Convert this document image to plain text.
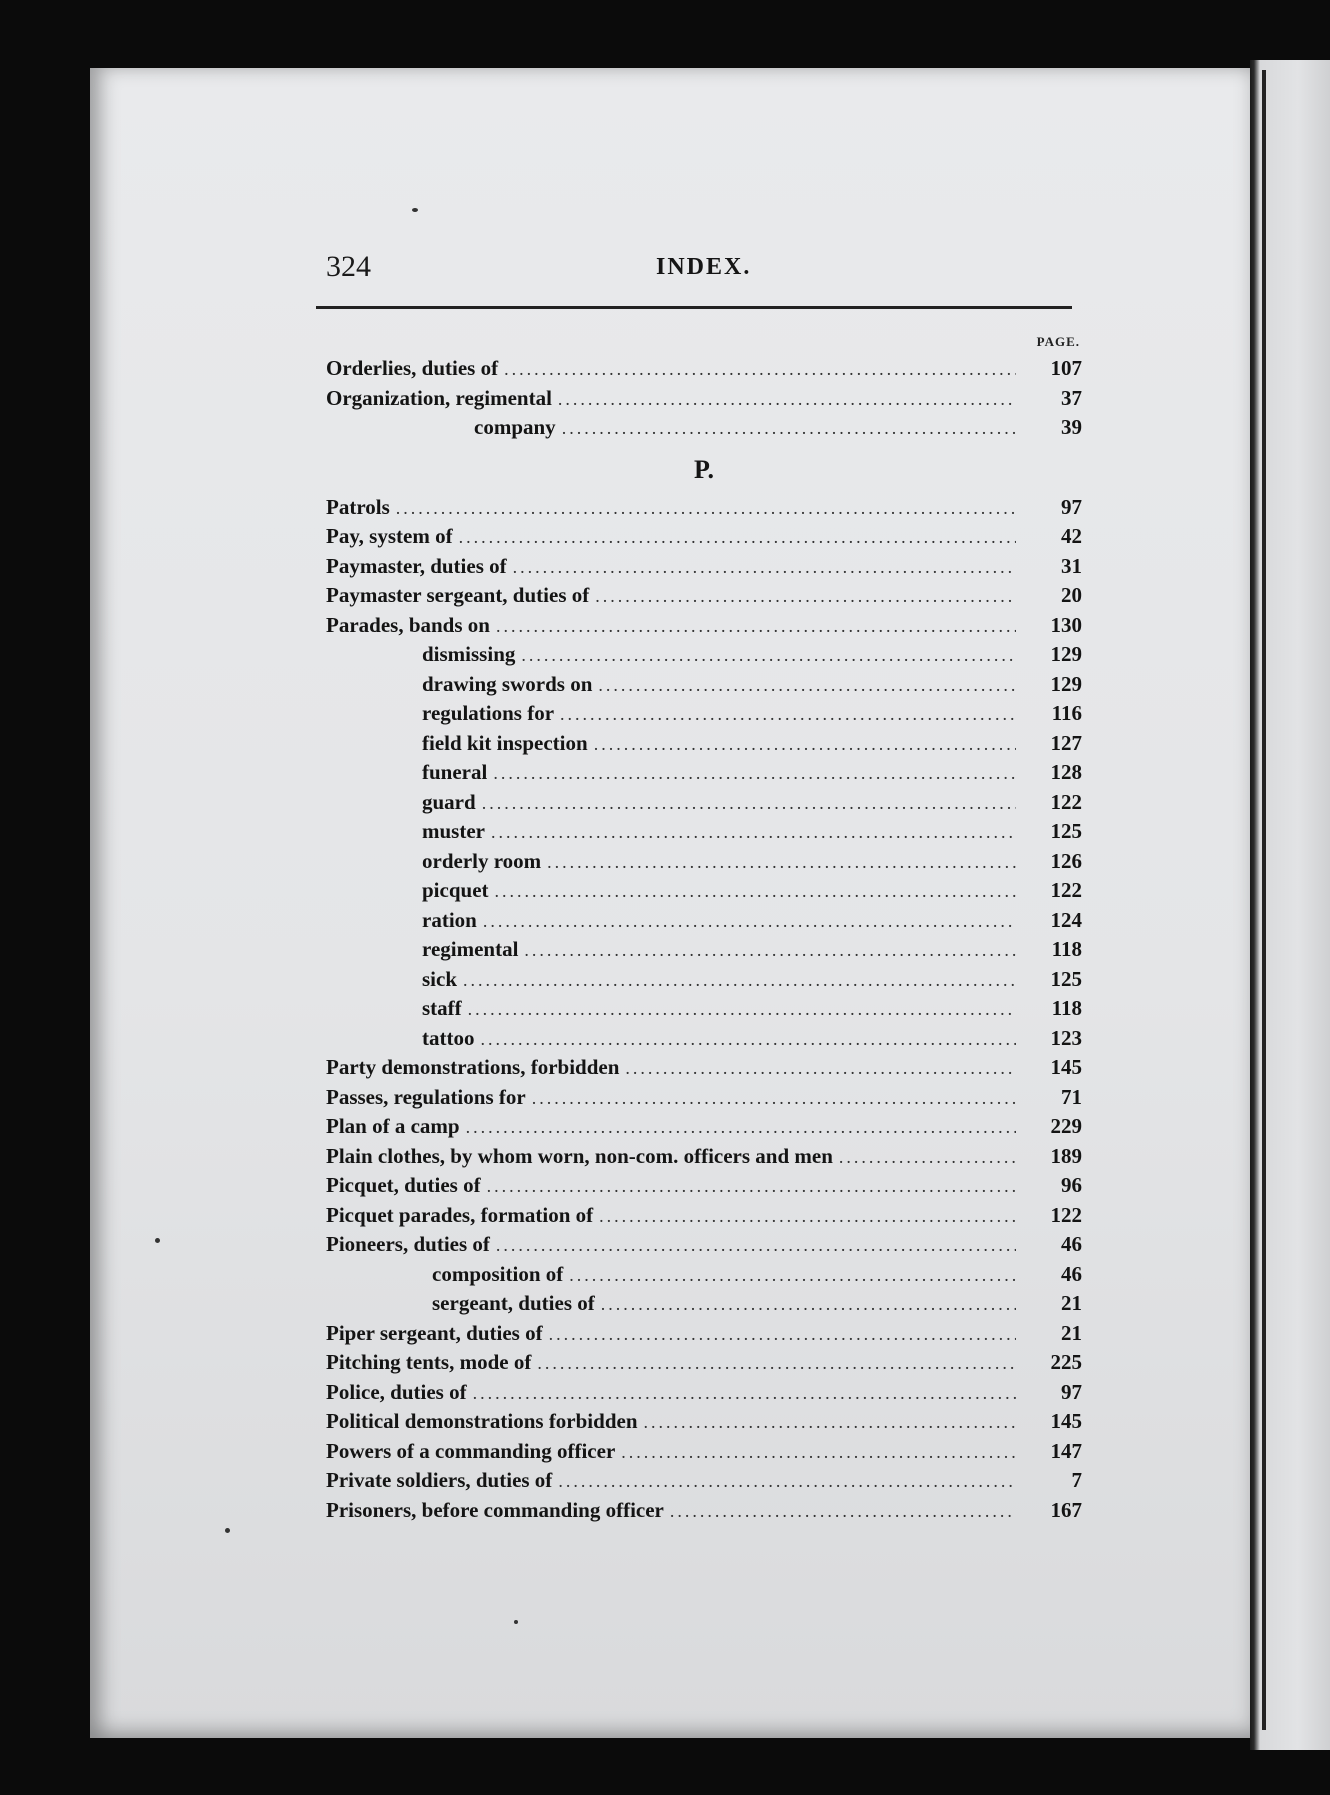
324	INDEX.
PAGE.
Orderlies, duties of .....	107
Organization, regimental .....	37
company .....	39
P.
Patrols .....	97
Pay, system of .....	42
Paymaster, duties of .....	31
Paymaster sergeant, duties of .....	20
Parades, bands on .....	130
dismissing .....	129
drawing swords on .....	129
regulations for .....	116
field kit inspection .....	127
funeral .....	128
guard .....	122
muster .....	125
orderly room .....	126
picquet .....	122
ration .....	124
regimental .....	118
sick .....	125
staff .....	118
tattoo .....	123
Party demonstrations, forbidden .....	145
Passes, regulations for .....	71
Plan of a camp .....	229
Plain clothes, by whom worn, non-com. officers and men .....	189
Picquet, duties of .....	96
Picquet parades, formation of .....	122
Pioneers, duties of .....	46
composition of .....	46
sergeant, duties of .....	21
Piper sergeant, duties of .....	21
Pitching tents, mode of .....	225
Police, duties of .....	97
Political demonstrations forbidden .....	145
Powers of a commanding officer .....	147
Private soldiers, duties of .....	7
Prisoners, before commanding officer .....	167
